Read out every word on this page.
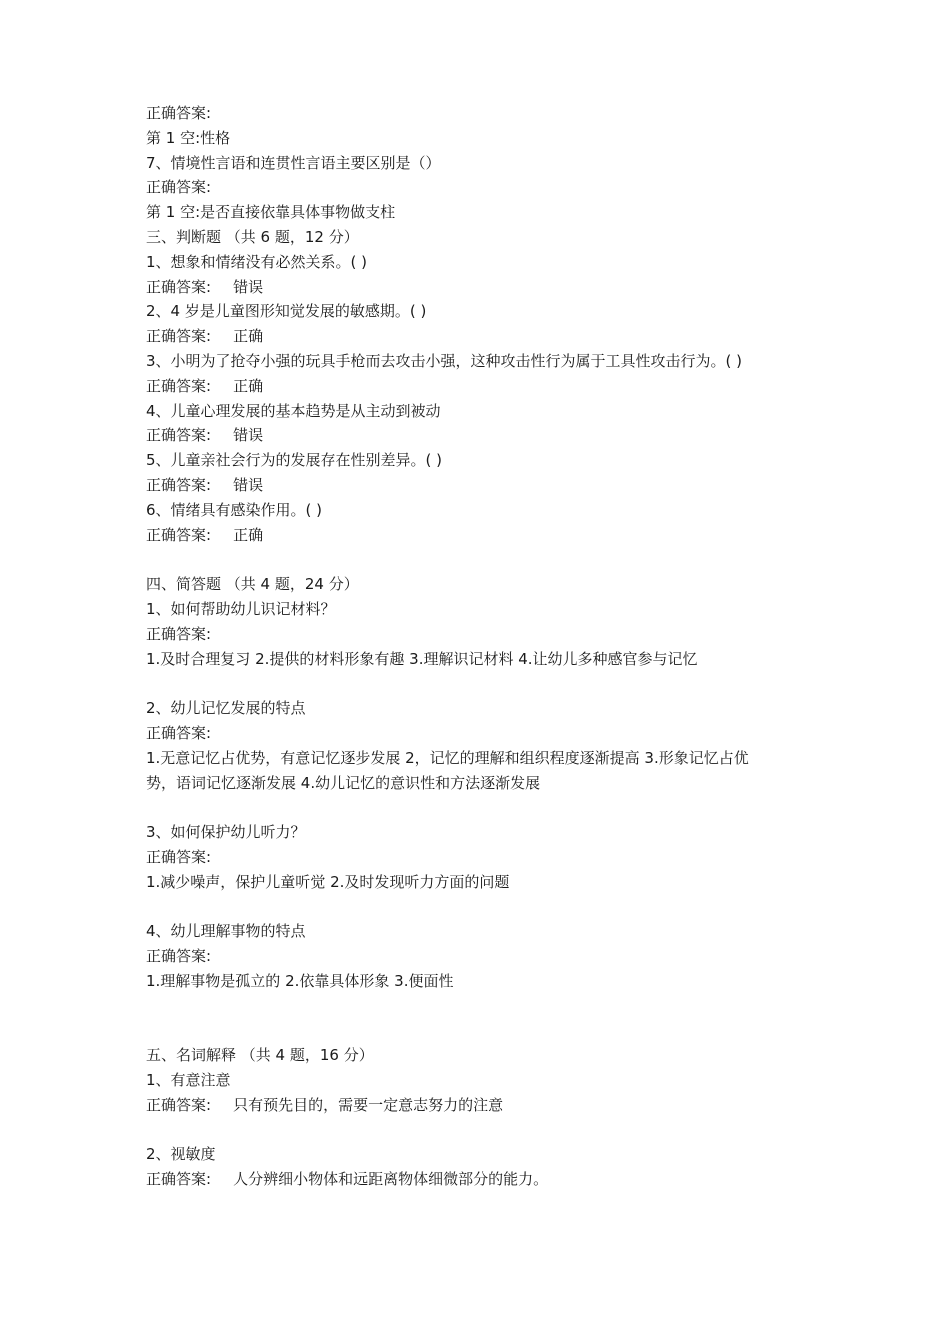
正确答案:
第 1 空:性格
7、情境性言语和连贯性言语主要区别是（）
正确答案:
第 1 空:是否直接依靠具体事物做支柱
三、判断题 （共 6 题，12 分）
1、想象和情绪没有必然关系。( )
正确答案: 错误
2、4 岁是儿童图形知觉发展的敏感期。( )
正确答案: 正确
3、小明为了抢夺小强的玩具手枪而去攻击小强，这种攻击性行为属于工具性攻击行为。( )
正确答案: 正确
4、儿童心理发展的基本趋势是从主动到被动
正确答案: 错误
5、儿童亲社会行为的发展存在性别差异。( )
正确答案: 错误
6、情绪具有感染作用。( )
正确答案: 正确
四、简答题 （共 4 题，24 分）
1、如何帮助幼儿识记材料？
正确答案:
1.及时合理复习 2.提供的材料形象有趣 3.理解识记材料 4.让幼儿多种感官参与记忆
2、幼儿记忆发展的特点
正确答案:
1.无意记忆占优势，有意记忆逐步发展 2，记忆的理解和组织程度逐渐提高 3.形象记忆占优
势，语词记忆逐渐发展 4.幼儿记忆的意识性和方法逐渐发展
3、如何保护幼儿听力？
正确答案:
1.减少噪声，保护儿童听觉 2.及时发现听力方面的问题
4、幼儿理解事物的特点
正确答案:
1.理解事物是孤立的 2.依靠具体形象 3.便面性
五、名词解释 （共 4 题，16 分）
1、有意注意
正确答案: 只有预先目的，需要一定意志努力的注意
2、视敏度
正确答案: 人分辨细小物体和远距离物体细微部分的能力。
